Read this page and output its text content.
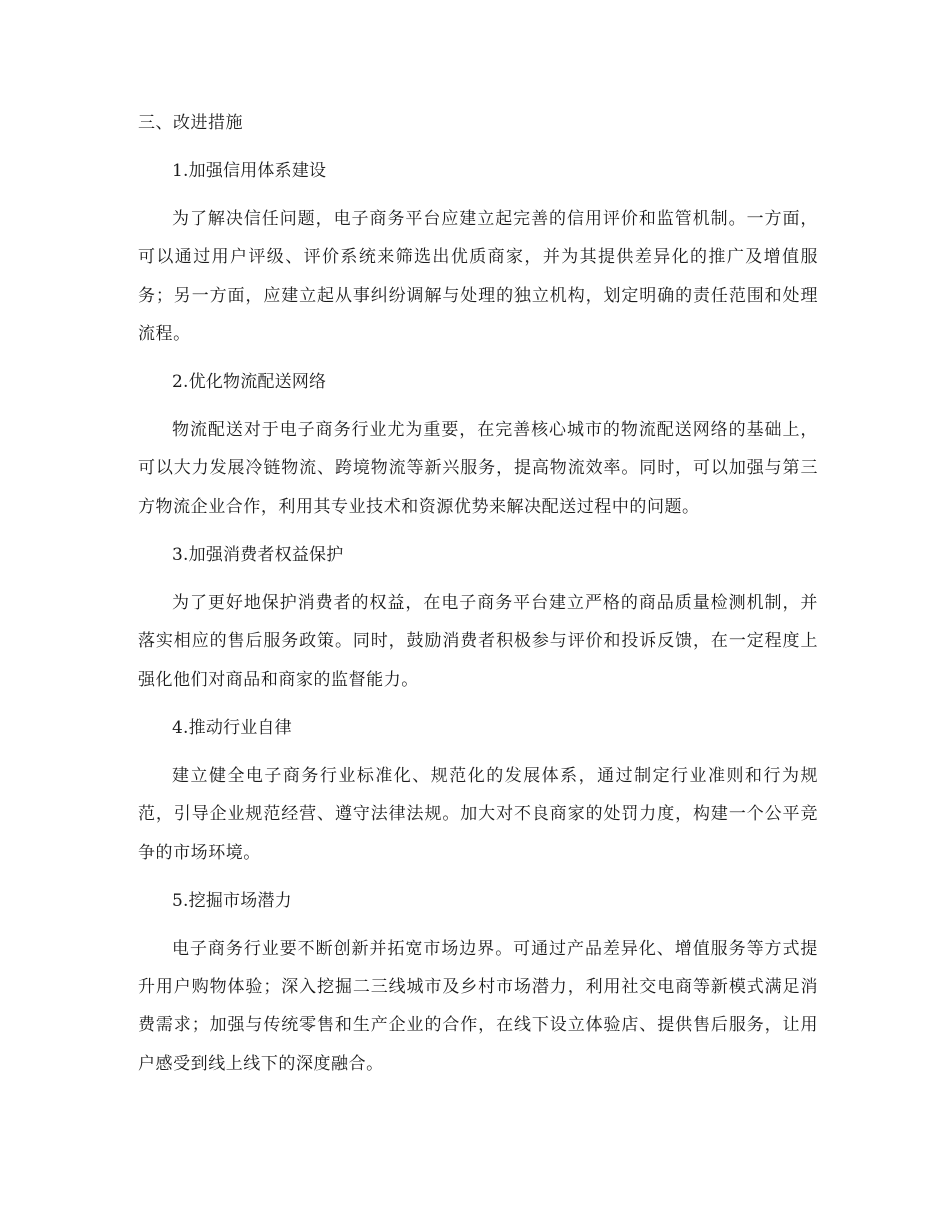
三、改进措施
1.加强信用体系建设

为了解决信任问题，电子商务平台应建立起完善的信用评价和监管机制。一方面，可以通过用户评级、评价系统来筛选出优质商家，并为其提供差异化的推广及增值服务；另一方面，应建立起从事纠纷调解与处理的独立机构，划定明确的责任范围和处理流程。

2.优化物流配送网络

物流配送对于电子商务行业尤为重要，在完善核心城市的物流配送网络的基础上，可以大力发展冷链物流、跨境物流等新兴服务，提高物流效率。同时，可以加强与第三方物流企业合作，利用其专业技术和资源优势来解决配送过程中的问题。

3.加强消费者权益保护

为了更好地保护消费者的权益，在电子商务平台建立严格的商品质量检测机制，并落实相应的售后服务政策。同时，鼓励消费者积极参与评价和投诉反馈，在一定程度上强化他们对商品和商家的监督能力。

4.推动行业自律

建立健全电子商务行业标准化、规范化的发展体系，通过制定行业准则和行为规范，引导企业规范经营、遵守法律法规。加大对不良商家的处罚力度，构建一个公平竞争的市场环境。

5.挖掘市场潜力

电子商务行业要不断创新并拓宽市场边界。可通过产品差异化、增值服务等方式提升用户购物体验；深入挖掘二三线城市及乡村市场潜力，利用社交电商等新模式满足消费需求；加强与传统零售和生产企业的合作，在线下设立体验店、提供售后服务，让用户感受到线上线下的深度融合。
